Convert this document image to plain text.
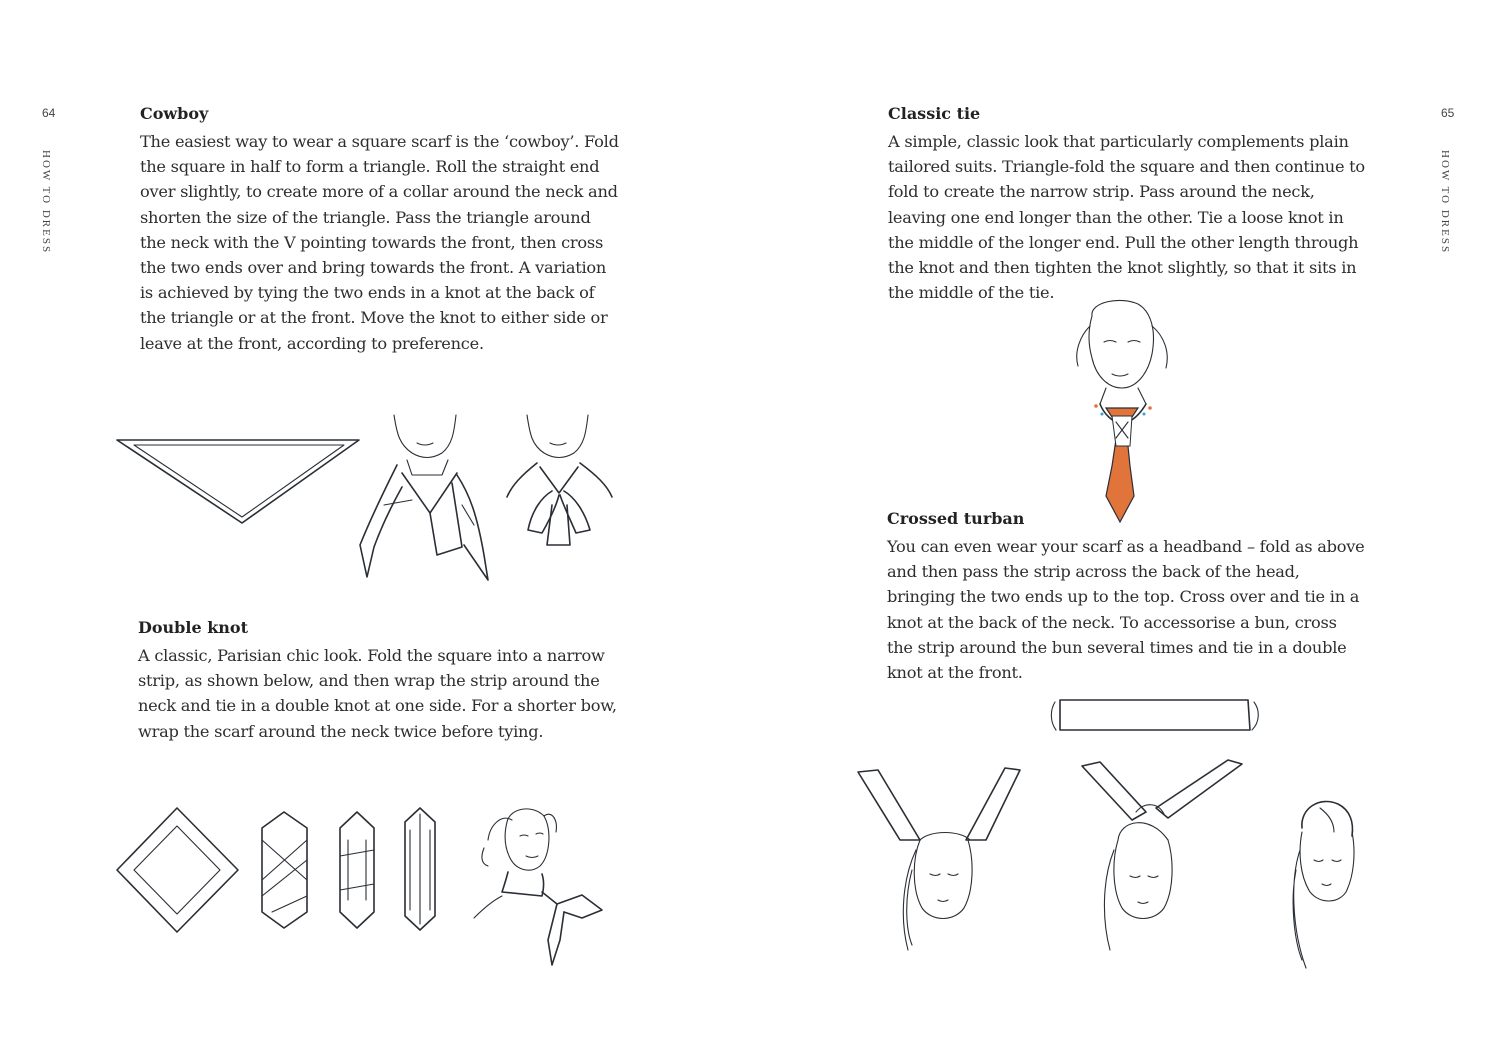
64
HOW TO DRESS
65
HOW TO DRESS
Cowboy

The easiest way to wear a square scarf is the ‘cowboy’. Fold the square in half to form a triangle. Roll the straight end over slightly, to create more of a collar around the neck and shorten the size of the triangle. Pass the triangle around the neck with the V pointing towards the front, then cross the two ends over and bring towards the front. A variation is achieved by tying the two ends in a knot at the back of the triangle or at the front. Move the knot to either side or leave at the front, according to preference.

Double knot

A classic, Parisian chic look. Fold the square into a narrow strip, as shown below, and then wrap the strip around the neck and tie in a double knot at one side. For a shorter bow, wrap the scarf around the neck twice before tying.

Classic tie

A simple, classic look that particularly complements plain tailored suits. Triangle-fold the square and then continue to fold to create the narrow strip. Pass around the neck, leaving one end longer than the other. Tie a loose knot in the middle of the longer end. Pull the other length through the knot and then tighten the knot slightly, so that it sits in the middle of the tie.

Crossed turban

You can even wear your scarf as a headband – fold as above and then pass the strip across the back of the head, bringing the two ends up to the top. Cross over and tie in a knot at the back of the neck. To accessorise a bun, cross the strip around the bun several times and tie in a double knot at the front.
